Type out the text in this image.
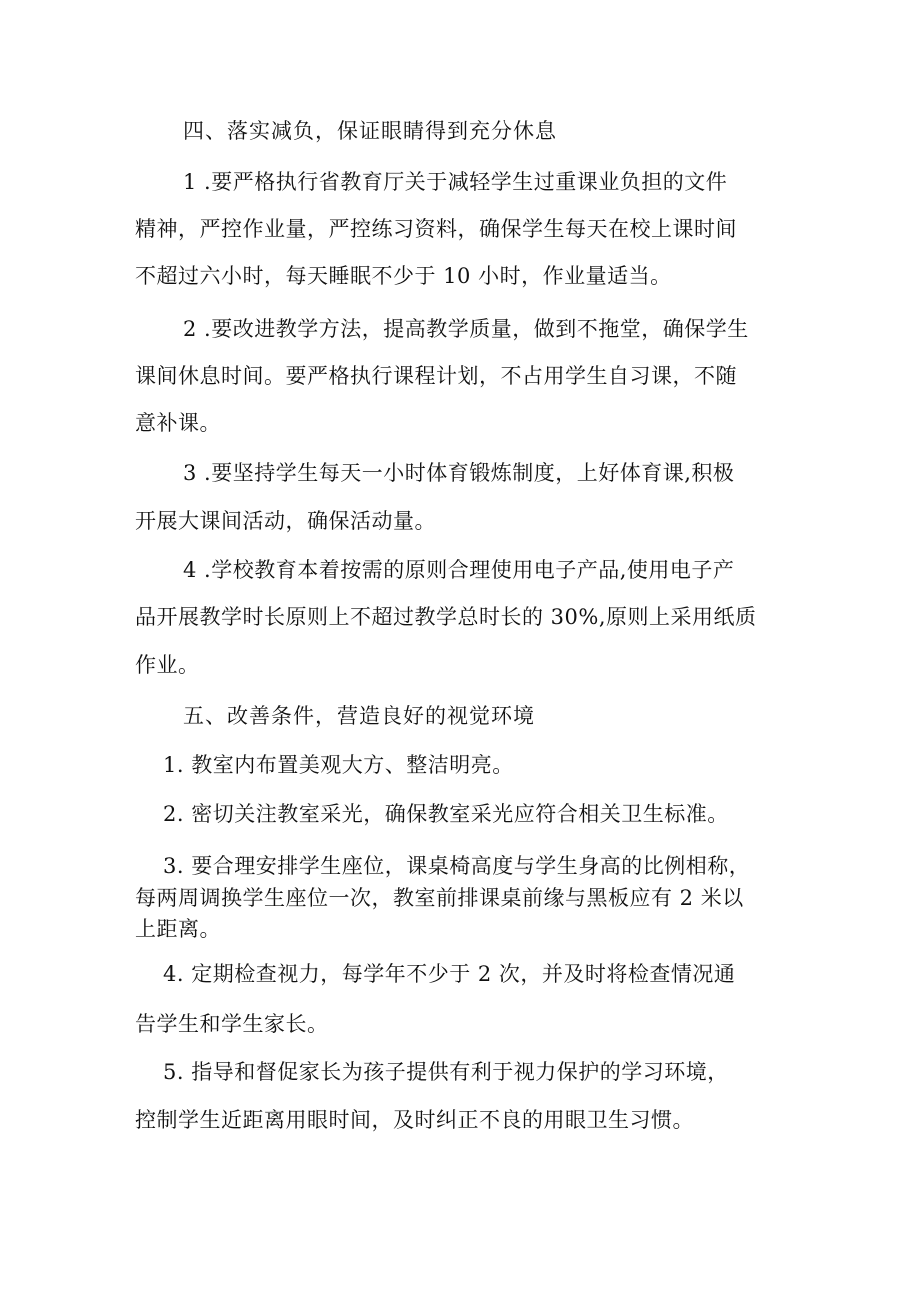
四、落实减负，保证眼睛得到充分休息
1 .要严格执行省教育厅关于减轻学生过重课业负担的文件
精神，严控作业量，严控练习资料，确保学生每天在校上课时间
不超过六小时，每天睡眠不少于 10 小时，作业量适当。
2 .要改进教学方法，提高教学质量，做到不拖堂，确保学生
课间休息时间。要严格执行课程计划，不占用学生自习课，不随
意补课。
3 .要坚持学生每天一小时体育锻炼制度，上好体育课,积极
开展大课间活动，确保活动量。
4 .学校教育本着按需的原则合理使用电子产品,使用电子产
品开展教学时长原则上不超过教学总时长的 30%,原则上采用纸质
作业。
五、改善条件，营造良好的视觉环境
1. 教室内布置美观大方、整洁明亮。
2. 密切关注教室采光，确保教室采光应符合相关卫生标准。
3. 要合理安排学生座位，课桌椅高度与学生身高的比例相称，
每两周调换学生座位一次，教室前排课桌前缘与黑板应有 2 米以
上距离。
4. 定期检查视力，每学年不少于 2 次，并及时将检查情况通
告学生和学生家长。
5. 指导和督促家长为孩子提供有利于视力保护的学习环境，
控制学生近距离用眼时间，及时纠正不良的用眼卫生习惯。
